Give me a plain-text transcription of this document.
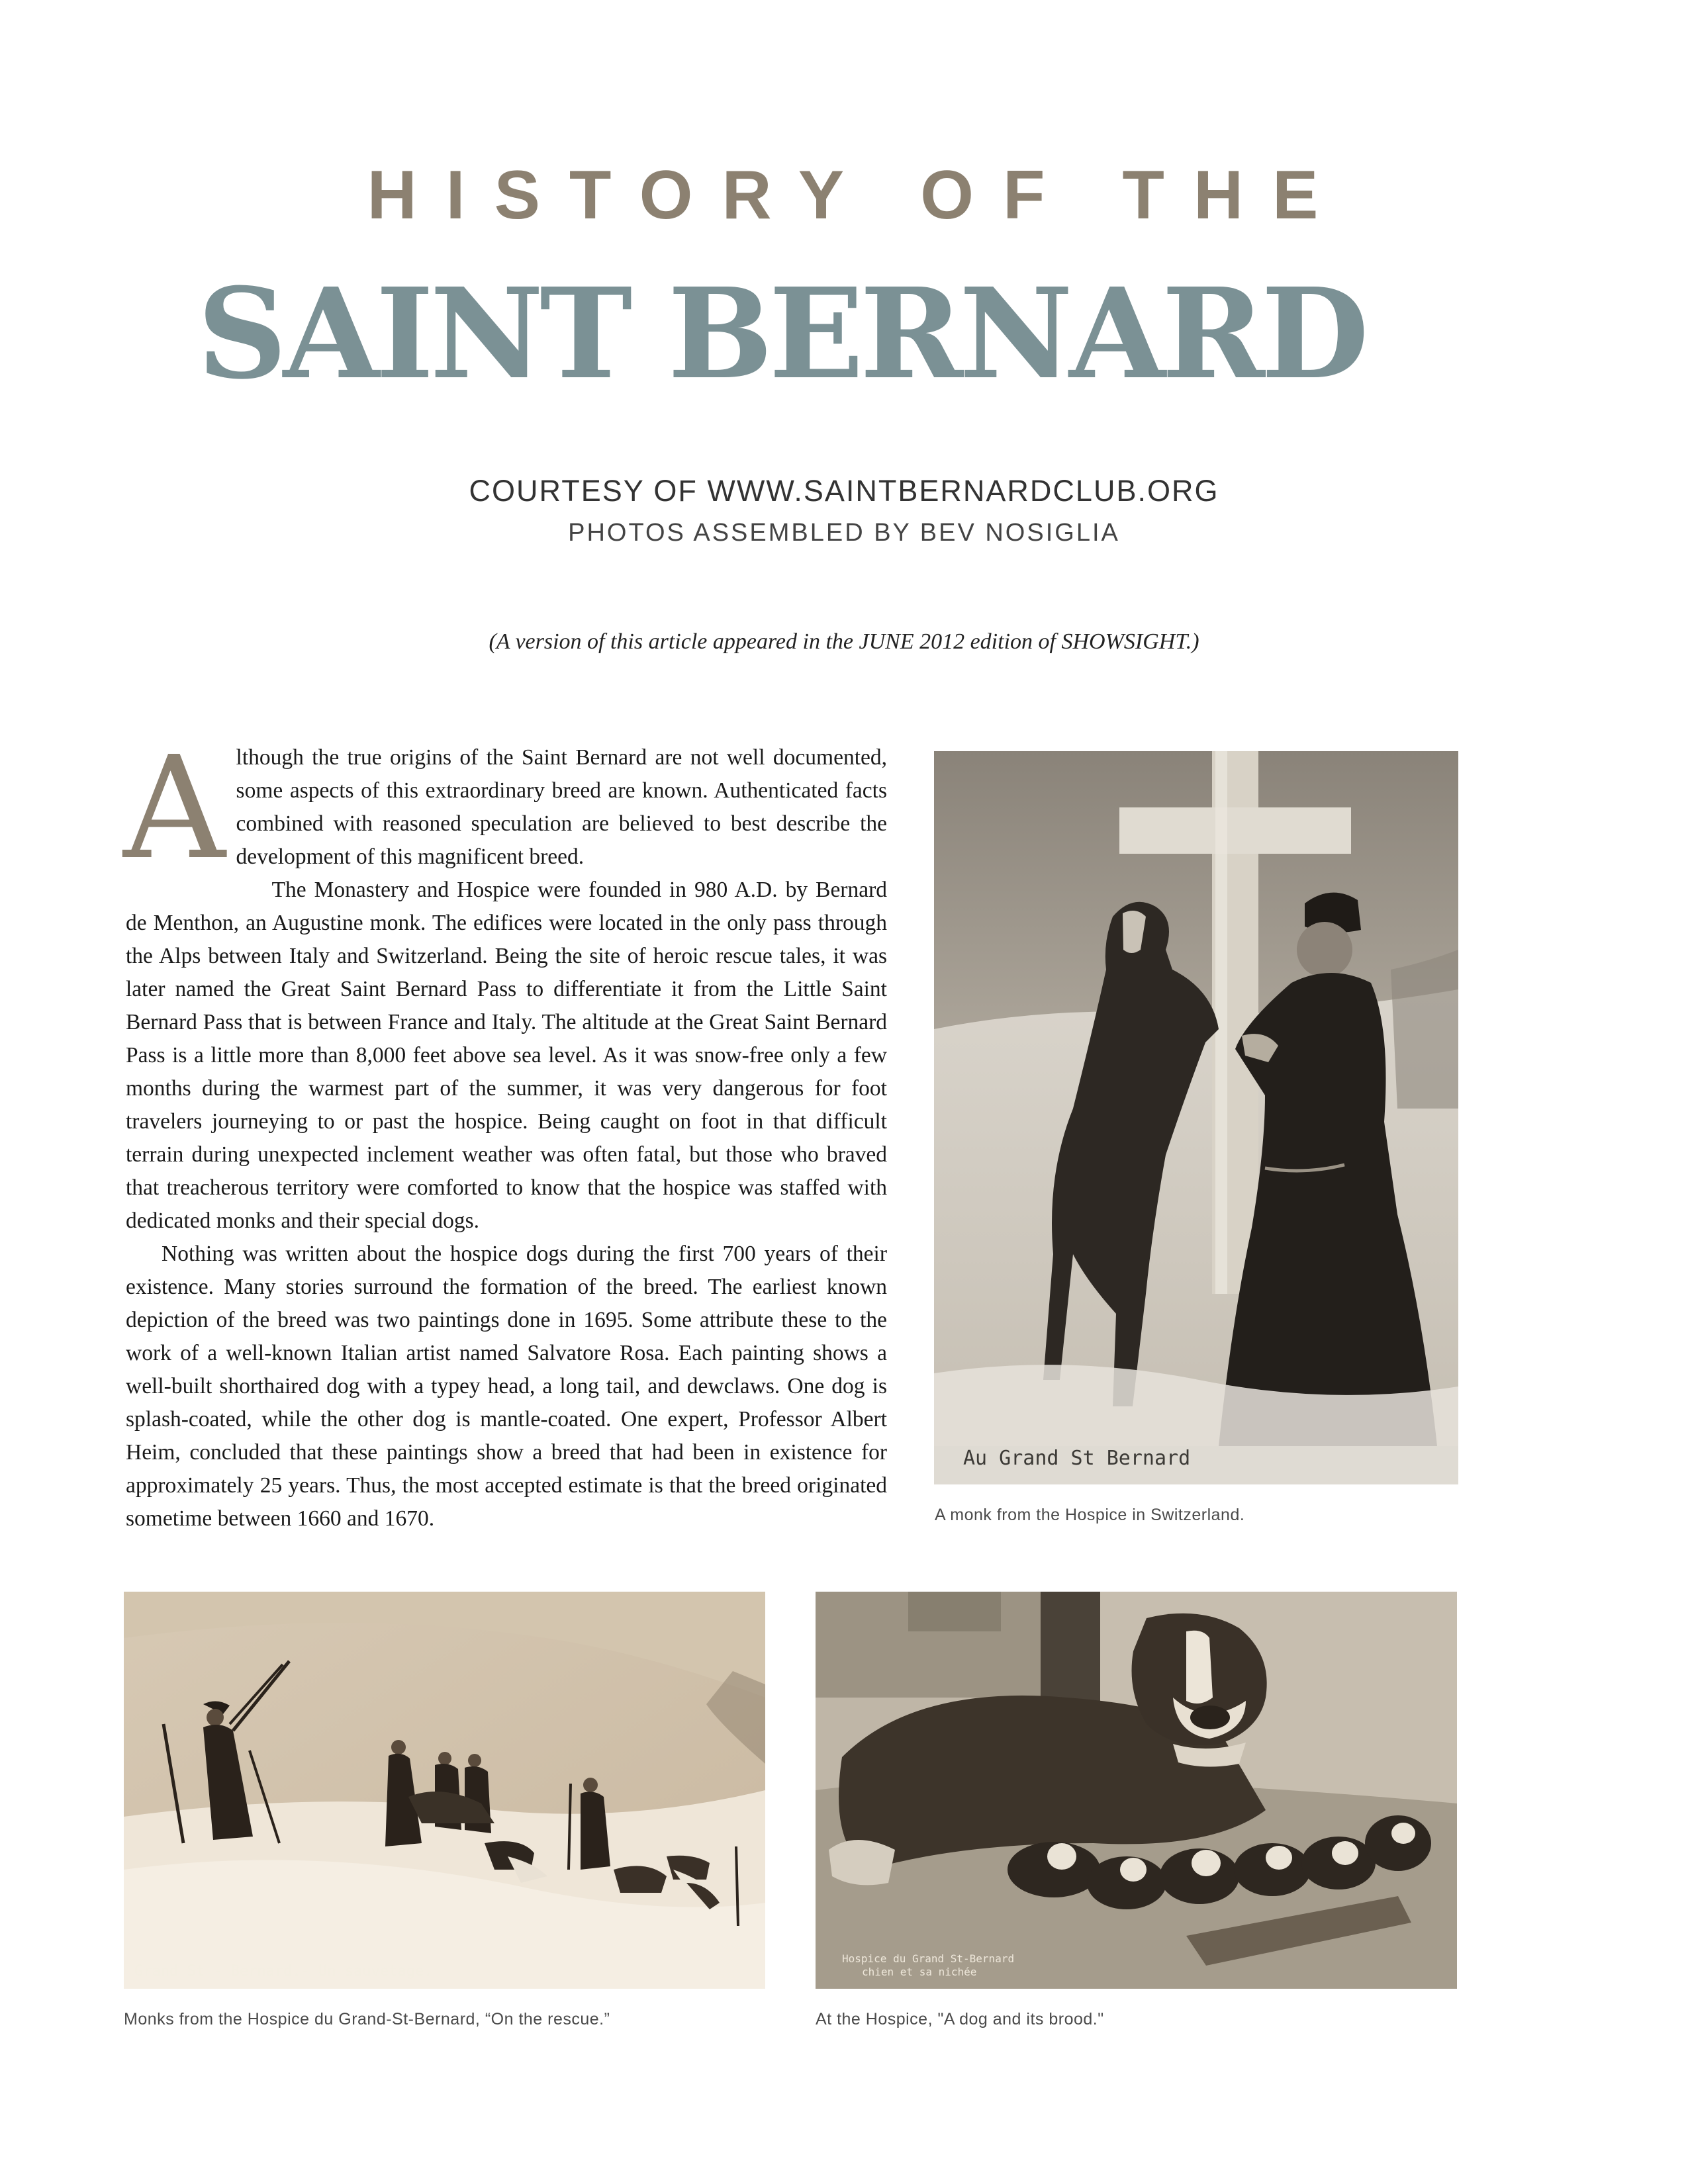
HISTORY OF THE
SAINT BERNARD
COURTESY OF WWW.SAINTBERNARDCLUB.ORG
PHOTOS ASSEMBLED BY BEV NOSIGLIA
(A version of this article appeared in the JUNE 2012 edition of SHOWSIGHT.)

Although the true origins of the Saint Bernard are not well documented, some aspects of this extraordinary breed are known. Authenticated facts combined with reasoned speculation are believed to best describe the development of this magnificent breed.

The Monastery and Hospice were founded in 980 A.D. by Bernard de Menthon, an Augustine monk. The edifices were located in the only pass through the Alps between Italy and Switzerland. Being the site of heroic rescue tales, it was later named the Great Saint Bernard Pass to differentiate it from the Little Saint Bernard Pass that is between France and Italy. The altitude at the Great Saint Bernard Pass is a little more than 8,000 feet above sea level. As it was snow-free only a few months during the warmest part of the summer, it was very dangerous for foot travelers journeying to or past the hospice. Being caught on foot in that difficult terrain during unexpected inclement weather was often fatal, but those who braved that treacherous territory were comforted to know that the hospice was staffed with dedicated monks and their special dogs.

Nothing was written about the hospice dogs during the first 700 years of their existence. Many stories surround the formation of the breed. The earliest known depiction of the breed was two paintings done in 1695. Some attribute these to the work of a well-known Italian artist named Salvatore Rosa. Each painting shows a well-built shorthaired dog with a typey head, a long tail, and dewclaws. One dog is splash-coated, while the other dog is mantle-coated. One expert, Professor Albert Heim, concluded that these paintings show a breed that had been in existence for approximately 25 years. Thus, the most accepted estimate is that the breed originated sometime between 1660 and 1670.

Au Grand St Bernard
A monk from the Hospice in Switzerland.
Grand St - Bernard.- Un sauvetage.
Monks from the Hospice du Grand-St-Bernard, “On the rescue.”
Hospice du Grand St-Bernard
chien et sa nichée
At the Hospice, "A dog and its brood."
